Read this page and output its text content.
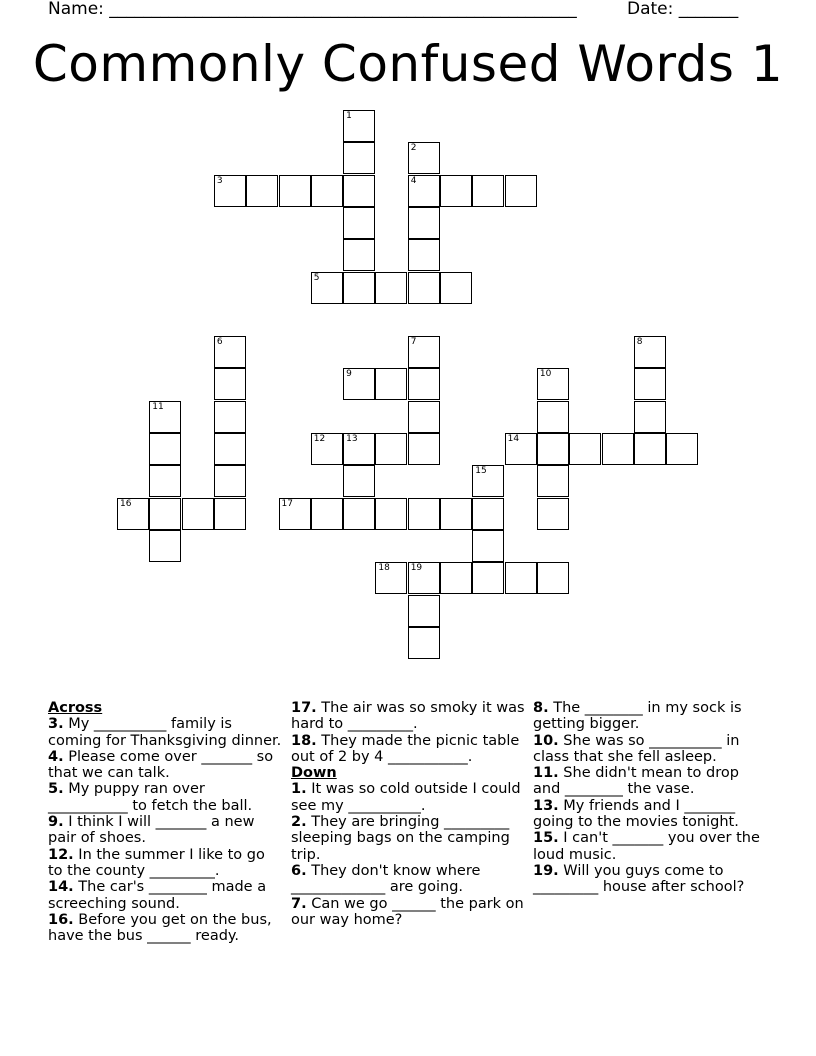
Name: _______________________________________________________	Date: _______
Commonly Confused Words 1
3	4
5
9
12 13	14
16	17
18 19
1
2
6	7	8
10
11
15
Across

3. My __________ family is coming for Thanksgiving dinner.

4. Please come over _______ so that we can talk.

5. My puppy ran over ___________ to fetch the ball.

9. I think I will _______ a new pair of shoes.

12. In the summer I like to go to the county _________.

14. The car's ________ made a screeching sound.

16. Before you get on the bus, have the bus ______ ready.

17. The air was so smoky it was hard to _________.

18. They made the picnic table out of 2 by 4 ___________.

Down

1. It was so cold outside I could see my __________.

2. They are bringing _________ sleeping bags on the camping trip.

6. They don't know where _____________ are going.

7. Can we go ______ the park on our way home?

8. The ________ in my sock is getting bigger.

10. She was so __________ in class that she fell asleep.

11. She didn't mean to drop and ________ the vase.

13. My friends and I _______ going to the movies tonight.

15. I can't _______ you over the loud music.

19. Will you guys come to _________ house after school?
